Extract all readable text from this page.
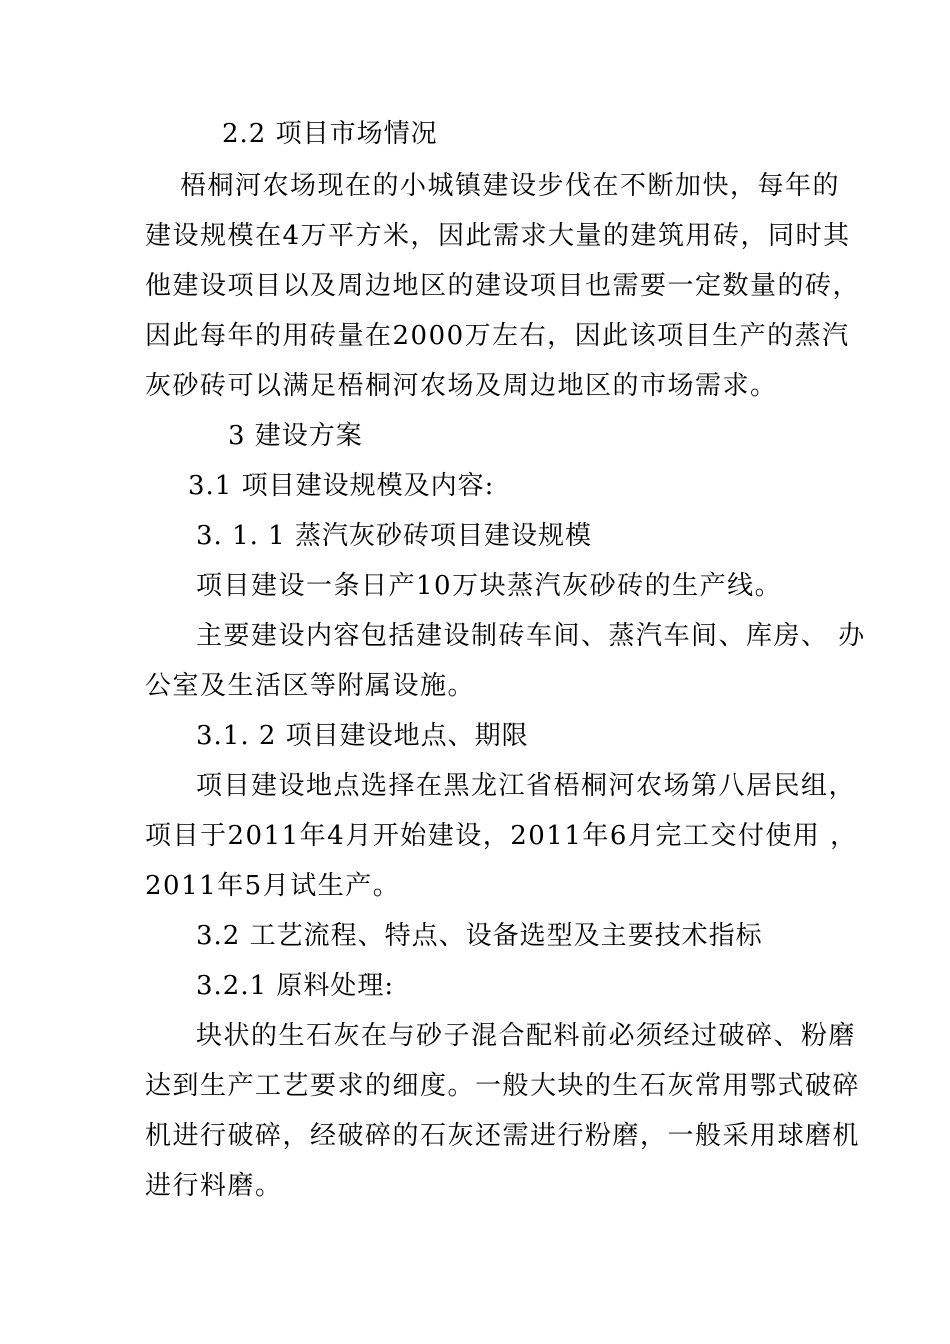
2.2 项目市场情况
梧桐河农场现在的小城镇建设步伐在不断加快，每年的
建设规模在4万平方米，因此需求大量的建筑用砖，同时其
他建设项目以及周边地区的建设项目也需要一定数量的砖，
因此每年的用砖量在2000万左右，因此该项目生产的蒸汽
灰砂砖可以满足梧桐河农场及周边地区的市场需求。
3 建设方案
3.1 项目建设规模及内容:
3. 1. 1 蒸汽灰砂砖项目建设规模
项目建设一条日产10万块蒸汽灰砂砖的生产线。
主要建设内容包括建设制砖车间、蒸汽车间、库房、 办
公室及生活区等附属设施。
3.1. 2 项目建设地点、期限
项目建设地点选择在黑龙江省梧桐河农场第八居民组，
项目于2011年4月开始建设，2011年6月完工交付使用 ，
2011年5月试生产。
3.2 工艺流程、特点、设备选型及主要技术指标
3.2.1 原料处理:
块状的生石灰在与砂子混合配料前必须经过破碎、粉磨
达到生产工艺要求的细度。一般大块的生石灰常用鄂式破碎
机进行破碎，经破碎的石灰还需进行粉磨，一般采用球磨机
进行料磨。
